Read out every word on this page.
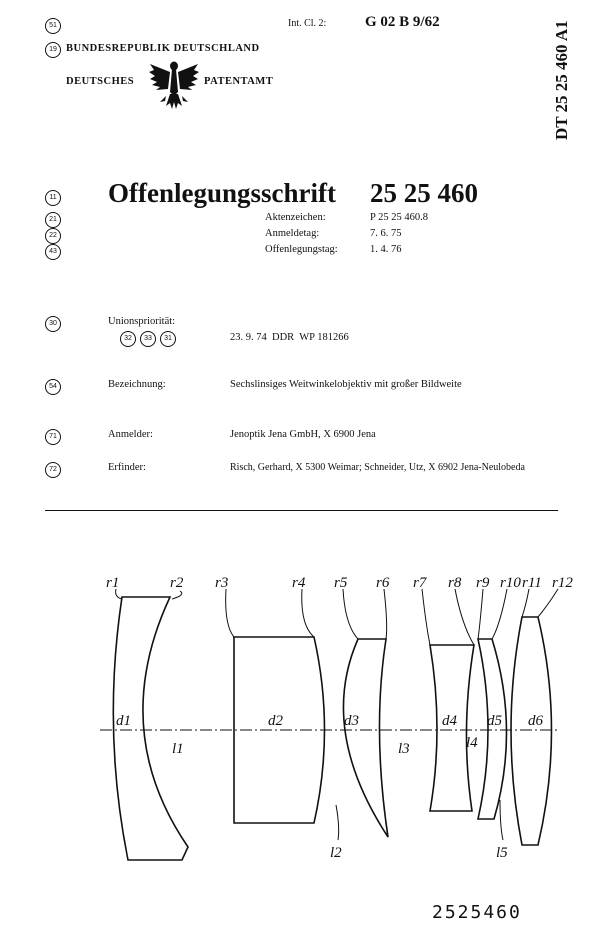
51	Int. Cl. 2:	G 02 B 9/62
19 BUNDESREPUBLIK DEUTSCHLAND
DEUTSCHES	PATENTAMT	DT 25 25 460 A1
11 Offenlegungsschrift 25 25 460
21	Aktenzeichen:	P 25 25 460.8
22	Anmeldetag:	7. 6. 75
43	Offenlegungstag:	1. 4. 76
30	Unionspriorität:
32	33	31	23. 9. 74  DDR  WP 181266
54	Bezeichnung:	Sechslinsiges Weitwinkelobjektiv mit großer Bildweite
71	Anmelder:	Jenoptik Jena GmbH, X 6900 Jena
72	Erfinder:	Risch, Gerhard, X 5300 Weimar; Schneider, Utz, X 6902 Jena-Neulobeda
r1	r2 r3	r4 r5 r6 r7 r8 r9 r10 r11 r12
d1	d2	d3	d4 d5 d6
l1
l2
l3	l4
l5
2525460
